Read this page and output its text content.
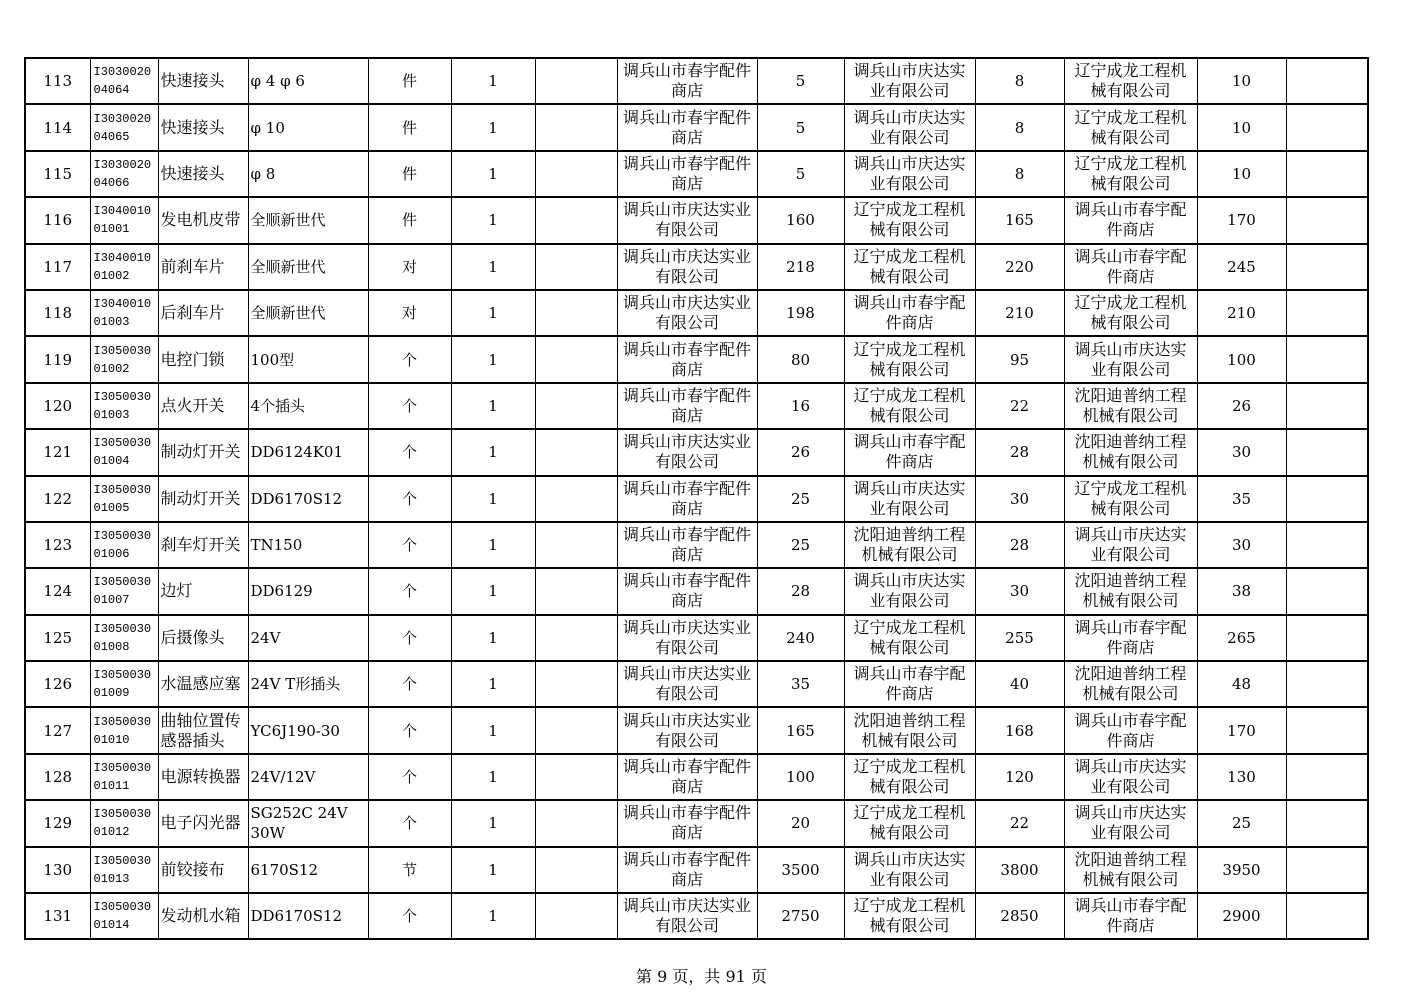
113	I303002004064	快速接头	φ 4 φ 6	件	1		调兵山市春宇配件商店	5	调兵山市庆达实业有限公司	8	辽宁成龙工程机械有限公司	10	
114	I303002004065	快速接头	φ 10	件	1		调兵山市春宇配件商店	5	调兵山市庆达实业有限公司	8	辽宁成龙工程机械有限公司	10	
115	I303002004066	快速接头	φ 8	件	1		调兵山市春宇配件商店	5	调兵山市庆达实业有限公司	8	辽宁成龙工程机械有限公司	10	
116	I304001001001	发电机皮带	全顺新世代	件	1		调兵山市庆达实业有限公司	160	辽宁成龙工程机械有限公司	165	调兵山市春宇配件商店	170	
117	I304001001002	前刹车片	全顺新世代	对	1		调兵山市庆达实业有限公司	218	辽宁成龙工程机械有限公司	220	调兵山市春宇配件商店	245	
118	I304001001003	后刹车片	全顺新世代	对	1		调兵山市庆达实业有限公司	198	调兵山市春宇配件商店	210	辽宁成龙工程机械有限公司	210	
119	I305003001002	电控门锁	100型	个	1		调兵山市春宇配件商店	80	辽宁成龙工程机械有限公司	95	调兵山市庆达实业有限公司	100	
120	I305003001003	点火开关	4个插头	个	1		调兵山市春宇配件商店	16	辽宁成龙工程机械有限公司	22	沈阳迪普纳工程机械有限公司	26	
121	I305003001004	制动灯开关	DD6124K01	个	1		调兵山市庆达实业有限公司	26	调兵山市春宇配件商店	28	沈阳迪普纳工程机械有限公司	30	
122	I305003001005	制动灯开关	DD6170S12	个	1		调兵山市春宇配件商店	25	调兵山市庆达实业有限公司	30	辽宁成龙工程机械有限公司	35	
123	I305003001006	刹车灯开关	TN150	个	1		调兵山市春宇配件商店	25	沈阳迪普纳工程机械有限公司	28	调兵山市庆达实业有限公司	30	
124	I305003001007	边灯	DD6129	个	1		调兵山市春宇配件商店	28	调兵山市庆达实业有限公司	30	沈阳迪普纳工程机械有限公司	38	
125	I305003001008	后摄像头	24V	个	1		调兵山市庆达实业有限公司	240	辽宁成龙工程机械有限公司	255	调兵山市春宇配件商店	265	
126	I305003001009	水温感应塞	24V T形插头	个	1		调兵山市庆达实业有限公司	35	调兵山市春宇配件商店	40	沈阳迪普纳工程机械有限公司	48	
127	I305003001010	曲轴位置传感器插头	YC6J190-30	个	1		调兵山市庆达实业有限公司	165	沈阳迪普纳工程机械有限公司	168	调兵山市春宇配件商店	170	
128	I305003001011	电源转换器	24V/12V	个	1		调兵山市春宇配件商店	100	辽宁成龙工程机械有限公司	120	调兵山市庆达实业有限公司	130	
129	I305003001012	电子闪光器	SG252C 24V 30W	个	1		调兵山市春宇配件商店	20	辽宁成龙工程机械有限公司	22	调兵山市庆达实业有限公司	25	
130	I305003001013	前铰接布	6170S12	节	1		调兵山市春宇配件商店	3500	调兵山市庆达实业有限公司	3800	沈阳迪普纳工程机械有限公司	3950	
131	I305003001014	发动机水箱	DD6170S12	个	1		调兵山市庆达实业有限公司	2750	辽宁成龙工程机械有限公司	2850	调兵山市春宇配件商店	2900	
第 9 页，共 91 页
